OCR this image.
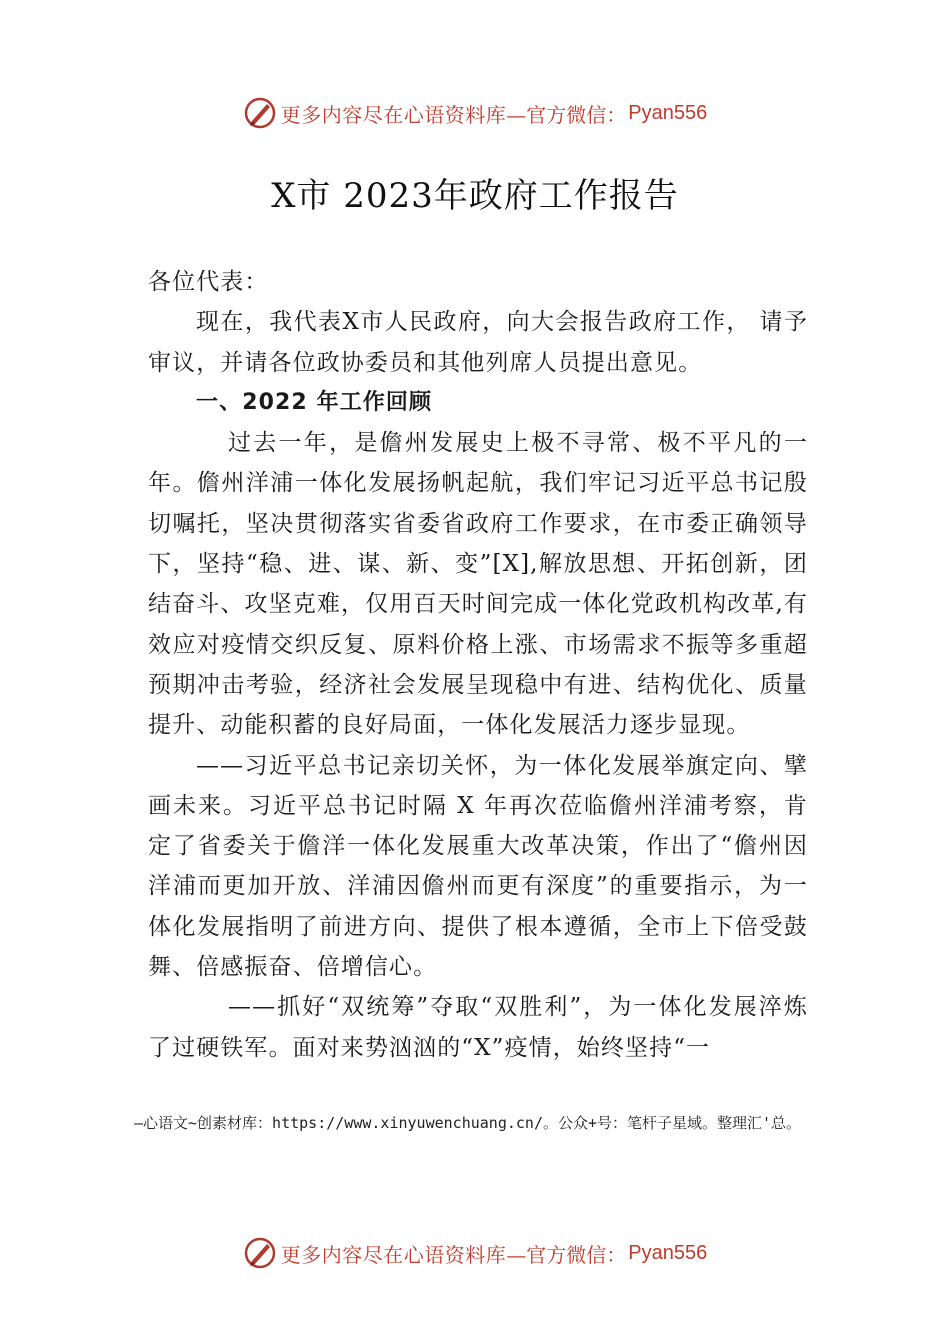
更多内容尽在心语资料库 —官方微信： Pyan556
X市 2023年政府工作报告

各位代表：

现在，我代表X市人民政府，向大会报告政府工作， 请予审议，并请各位政协委员和其他列席人员提出意见。

一、2022 年工作回顾

过去一年，是儋州发展史上极不寻常、极不平凡的一年。儋州洋浦一体化发展扬帆起航，我们牢记习近平总书记殷切嘱托，坚决贯彻落实省委省政府工作要求，在市委正确领导下，坚持“稳、进、谋、新、变”[X],解放思想、开拓创新，团结奋斗、攻坚克难，仅用百天时间完成一体化党政机构改革,有效应对疫情交织反复、原料价格上涨、市场需求不振等多重超预期冲击考验，经济社会发展呈现稳中有进、结构优化、质量提升、动能积蓄的良好局面，一体化发展活力逐步显现。

——习近平总书记亲切关怀，为一体化发展举旗定向、擘画未来。习近平总书记时隔 X 年再次莅临儋州洋浦考察，肯定了省委关于儋洋一体化发展重大改革决策，作出了“儋州因洋浦而更加开放、洋浦因儋州而更有深度”的重要指示，为一体化发展指明了前进方向、提供了根本遵循，全市上下倍受鼓舞、倍感振奋、倍增信心。

——抓好“双统筹”夺取“双胜利”，为一体化发展淬炼了过硬铁军。面对来势汹汹的“X”疫情，始终坚持“一

—心语文~创素材库：https://www.xinyuwenchuang.cn/。公众+号：笔杆子星域。整理汇'总。
更多内容尽在心语资料库 —官方微信： Pyan556
